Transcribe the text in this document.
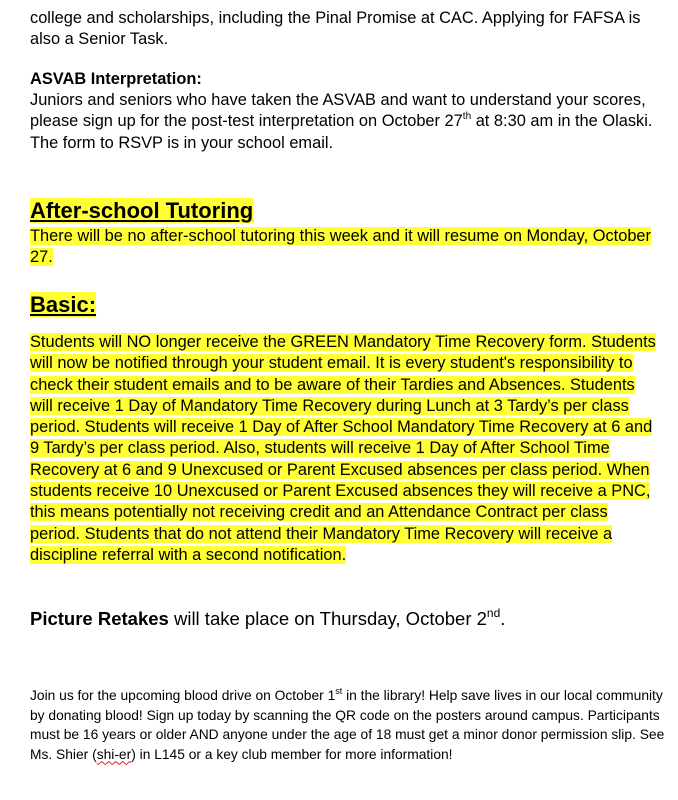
college and scholarships, including the Pinal Promise at CAC. Applying for FAFSA is also a Senior Task.

ASVAB Interpretation:

Juniors and seniors who have taken the ASVAB and want to understand your scores, please sign up for the post-test interpretation on October 27th at 8:30 am in the Olaski. The form to RSVP is in your school email.

After-school Tutoring

There will be no after-school tutoring this week and it will resume on Monday, October 27.

Basic:

Students will NO longer receive the GREEN Mandatory Time Recovery form. Students will now be notified through your student email. It is every student's responsibility to check their student emails and to be aware of their Tardies and Absences. Students will receive 1 Day of Mandatory Time Recovery during Lunch at 3 Tardy’s per class period. Students will receive 1 Day of After School Mandatory Time Recovery at 6 and 9 Tardy’s per class period. Also, students will receive 1 Day of After School Time Recovery at 6 and 9 Unexcused or Parent Excused absences per class period. When students receive 10 Unexcused or Parent Excused absences they will receive a PNC, this means potentially not receiving credit and an Attendance Contract per class period. Students that do not attend their Mandatory Time Recovery will receive a discipline referral with a second notification.

Picture Retakes will take place on Thursday, October 2nd.

Join us for the upcoming blood drive on October 1st in the library! Help save lives in our local community by donating blood! Sign up today by scanning the QR code on the posters around campus. Participants must be 16 years or older AND anyone under the age of 18 must get a minor donor permission slip. See Ms. Shier (shi-er) in L145 or a key club member for more information!
